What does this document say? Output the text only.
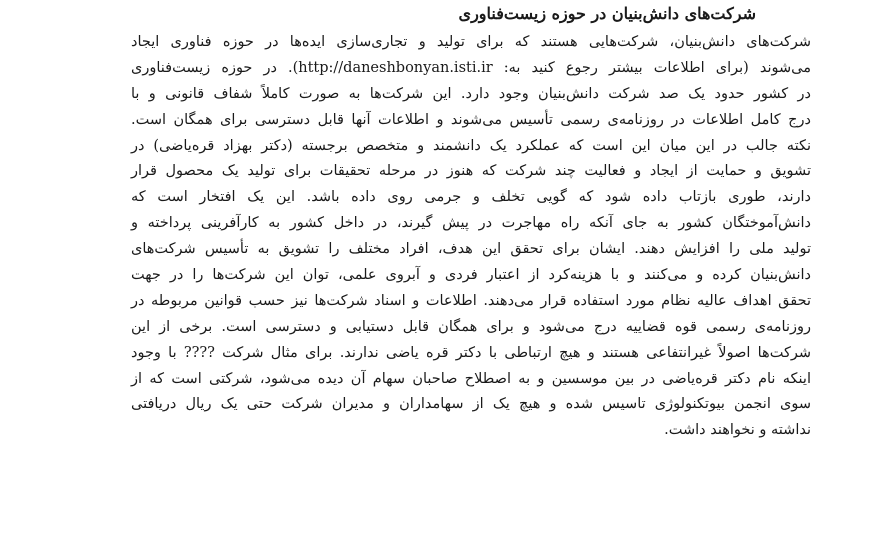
شرکت‌های دانش‌بنیان در حوزه زیست‌فناوری
شرکت‌های دانش‌بنیان، شرکت‌هایی هستند که برای تولید و تجاری‌سازی ایده‌ها در حوزه فناوری ایجاد
می‌شوند (برای اطلاعات بیشتر رجوع کنید به: http://daneshbonyan.isti.ir). در حوزه زیست‌فناوری
در کشور حدود یک صد شرکت دانش‌بنیان وجود دارد. این شرکت‌ها به صورت کاملاً شفاف قانونی و با
درج کامل اطلاعات در روزنامه‌ی رسمی تأسیس می‌شوند و اطلاعات آنها قابل دسترسی برای همگان است.
نکته جالب در این میان این است که عملکرد یک دانشمند و متخصص برجسته (دکتر بهزاد قره‌یاضی) در
تشویق و حمایت از ایجاد و فعالیت چند شرکت که هنوز در مرحله تحقیقات برای تولید یک محصول قرار
دارند، طوری بازتاب داده شود که گویی تخلف و جرمی روی داده باشد. این یک افتخار است که
دانش‌آموختگان کشور به جای آنکه راه مهاجرت در پیش گیرند، در داخل کشور به کارآفرینی پرداخته و
تولید ملی را افزایش دهند. ایشان برای تحقق این هدف، افراد مختلف را تشویق به تأسیس شرکت‌های
دانش‌بنیان کرده و می‌کنند و با هزینه‌کرد از اعتبار فردی و آبروی علمی، توان این شرکت‌ها را در جهت
تحقق اهداف عالیه نظام مورد استفاده قرار می‌دهند. اطلاعات و اسناد شرکت‌ها نیز حسب قوانین مربوطه در
روزنامه‌ی رسمی قوه قضاییه درج می‌شود و برای همگان قابل دستیابی و دسترسی است. برخی از این
شرکت‌ها اصولاً غیرانتفاعی هستند و هیچ ارتباطی با دکتر قره یاضی ندارند. برای مثال شرکت ???? با وجود
اینکه نام دکتر قره‌یاضی در بین موسسین و به اصطلاح صاحبان سهام آن دیده می‌شود، شرکتی است که از
سوی انجمن بیوتکنولوژی تاسیس شده و هیچ یک از سهامداران و مدیران شرکت حتی یک ریال دریافتی
نداشته و نخواهند داشت.
